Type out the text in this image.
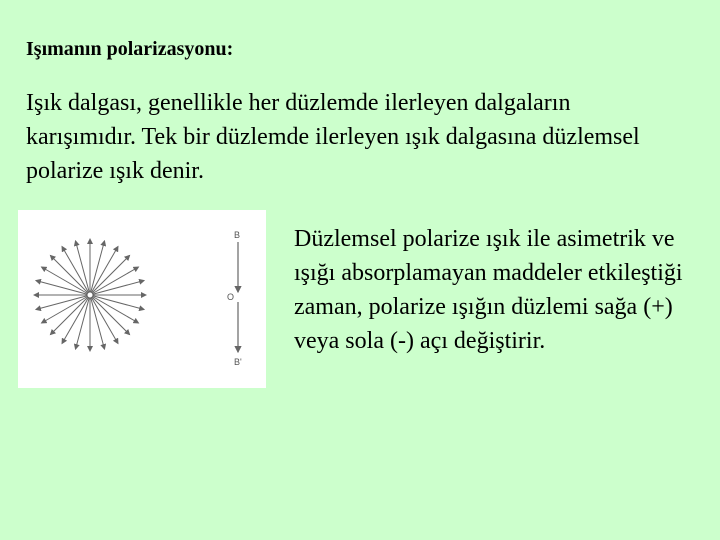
Işımanın polarizasyonu:

Işık dalgası, genellikle her düzlemde ilerleyen dalgaların karışımıdır. Tek bir düzlemde ilerleyen ışık dalgasına düzlemsel polarize ışık denir.

B
O
B'

Düzlemsel polarize ışık ile asimetrik ve ışığı absorplamayan maddeler etkileştiği zaman, polarize ışığın düzlemi sağa (+) veya sola (-) açı değiştirir.
